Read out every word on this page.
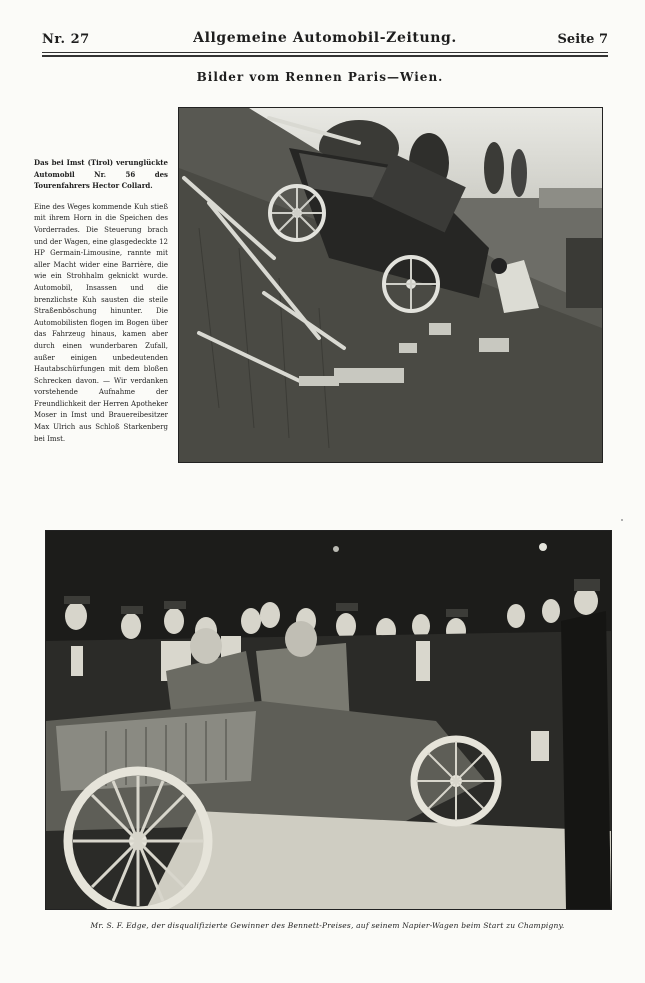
Nr. 27	Allgemeine Automobil-Zeitung.	Seite 7
Bilder vom Rennen Paris—Wien.
Das bei Imst (Tirol) verunglückte Automobil Nr. 56 des Tourenfahrers Hector Collard.
Eine des Weges kommende Kuh stieß mit ihrem Horn in die Speichen des Vorderrades. Die Steuerung brach und der Wagen, eine glasgedeckte 12 HP Germain-Limousine, rannte mit aller Macht wider eine Barrière, die wie ein Strohhalm geknickt wurde. Automobil, Insassen und die brenzlichste Kuh sausten die steile Straßenböschung hinunter. Die Automobilisten flogen im Bogen über das Fahrzeug hinaus, kamen aber durch einen wunderbaren Zufall, außer einigen unbedeutenden Hautabschürfungen mit dem bloßen Schrecken davon. — Wir verdanken vorstehende Aufnahme der Freundlichkeit der Herren Apotheker Moser in Imst und Brauereibesitzer Max Ulrich aus Schloß Starkenberg bei Imst.
Mr. S. F. Edge, der disqualifizierte Gewinner des Bennett-Preises, auf seinem Napier-Wagen beim Start zu Champigny.
